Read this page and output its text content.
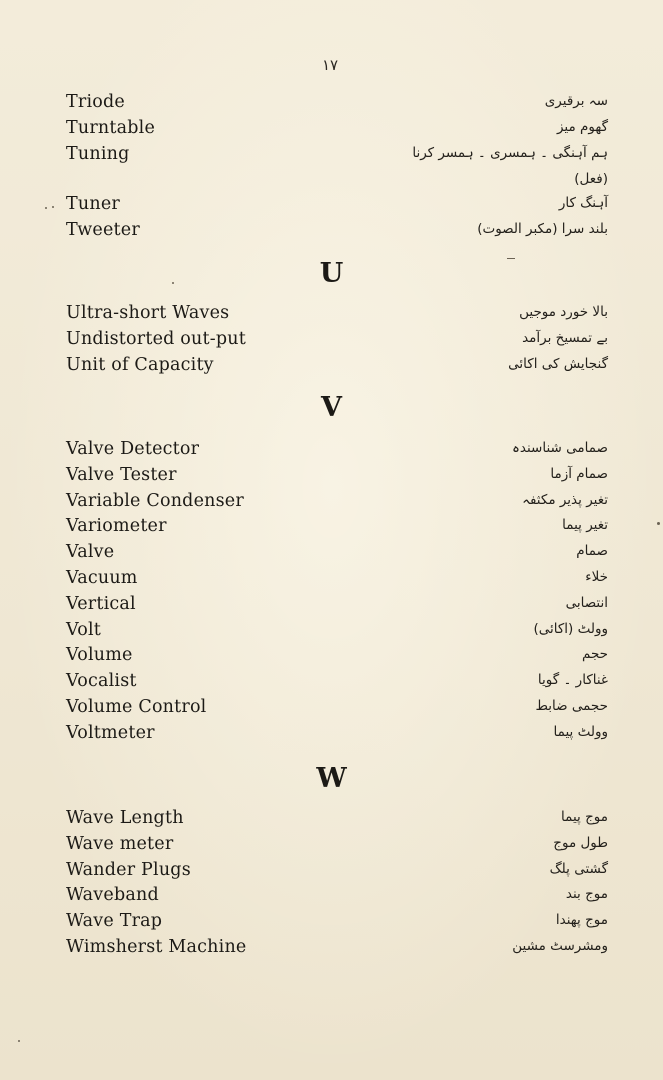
۱۷
Triode	سہ برقیری
Turntable	گھوم میز
Tuning	ہم آہنگی ۔ ہمسری ۔ ہمسر کرنا
(فعل)
Tuner	آہنگ کار
Tweeter	بلند سرا (مکبر الصوت)
U
Ultra-short Waves	بالا خورد موجیں
Undistorted out-put	بے تمسیخ برآمد
Unit of Capacity	گنجایش کی اکائی
V
Valve Detector	صمامی شناسندہ
Valve Tester	صمام آزما
Variable Condenser	تغیر پذیر مکثفہ
Variometer	تغیر پیما
Valve	صمام
Vacuum	خلاء
Vertical	انتصابی
Volt	وولٹ (اکائی)
Volume	حجم
Vocalist	غناکار ۔ گویا
Volume Control	حجمی ضابط
Voltmeter	وولٹ پیما
W
Wave Length	موج پیما
Wave meter	طول موج
Wander Plugs	گشتی پلگ
Waveband	موج بند
Wave Trap	موج پھندا
Wimsherst Machine	ومشرسٹ مشین
